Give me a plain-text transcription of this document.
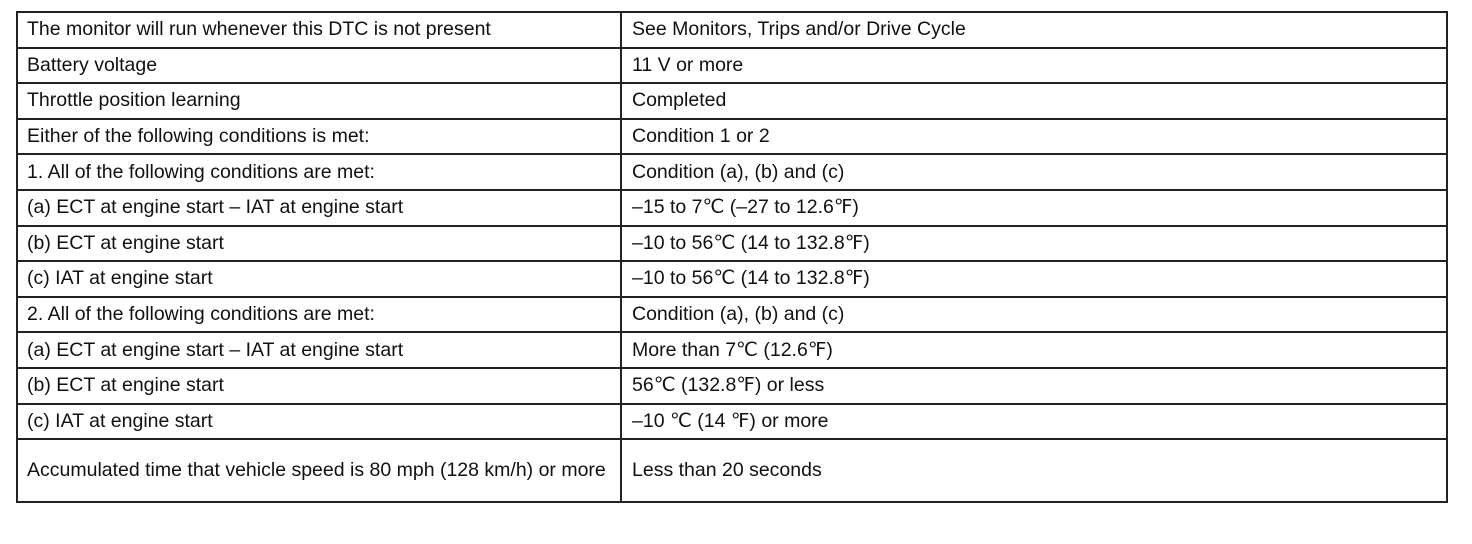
The monitor will run whenever this DTC is not present	See Monitors, Trips and/or Drive Cycle
Battery voltage	11 V or more
Throttle position learning	Completed
Either of the following conditions is met:	Condition 1 or 2
1. All of the following conditions are met:	Condition (a), (b) and (c)
(a) ECT at engine start – IAT at engine start	–15 to 7℃ (–27 to 12.6℉)
(b) ECT at engine start	–10 to 56℃ (14 to 132.8℉)
(c) IAT at engine start	–10 to 56℃ (14 to 132.8℉)
2. All of the following conditions are met:	Condition (a), (b) and (c)
(a) ECT at engine start – IAT at engine start	More than 7℃ (12.6℉)
(b) ECT at engine start	56℃ (132.8℉) or less
(c) IAT at engine start	–10 ℃ (14 ℉) or more
Accumulated time that vehicle speed is 80 mph (128 km/h) or more	Less than 20 seconds
